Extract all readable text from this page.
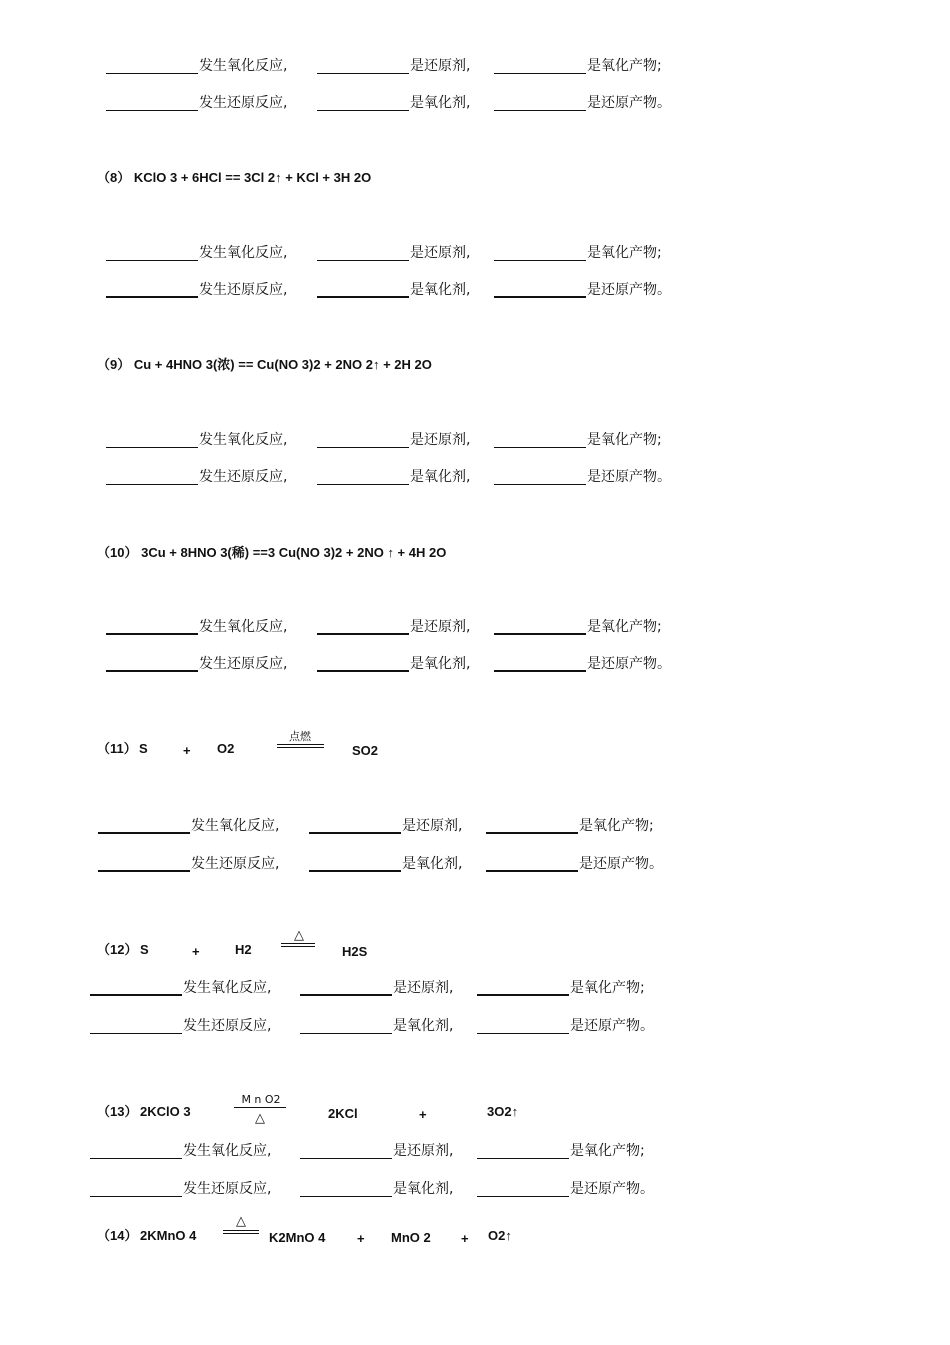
发生氧化反应,	是还原剂,	是氧化产物;
发生还原反应,	是氧化剂,	是还原产物。
（8） KClO 3 + 6HCl == 3Cl 2↑ + KCl + 3H 2O
发生氧化反应,	是还原剂,	是氧化产物;
发生还原反应,	是氧化剂,	是还原产物。
（9） Cu + 4HNO 3(浓) == Cu(NO 3)2 + 2NO 2↑ + 2H 2O
发生氧化反应,	是还原剂,	是氧化产物;
发生还原反应,	是氧化剂,	是还原产物。
（10） 3Cu + 8HNO 3(稀) ==3 Cu(NO 3)2 + 2NO ↑ + 4H 2O
发生氧化反应,	是还原剂,	是氧化产物;
发生还原反应,	是氧化剂,	是还原产物。
（11） S	+ O2
点燃
SO2
发生氧化反应,	是还原剂,	是氧化产物;
发生还原反应,	是氧化剂,	是还原产物。
（12） S	+	H2
△
H2S
发生氧化反应,	是还原剂,	是氧化产物;
发生还原反应,	是氧化剂,	是还原产物。
（13） 2KClO 3
M n O2
△	2KCl	+	3O2↑
发生氧化反应,	是还原剂,	是氧化产物;
发生还原反应,	是氧化剂,	是还原产物。
（14） 2KMnO 4
△
K2MnO 4 + MnO 2 + O2↑
